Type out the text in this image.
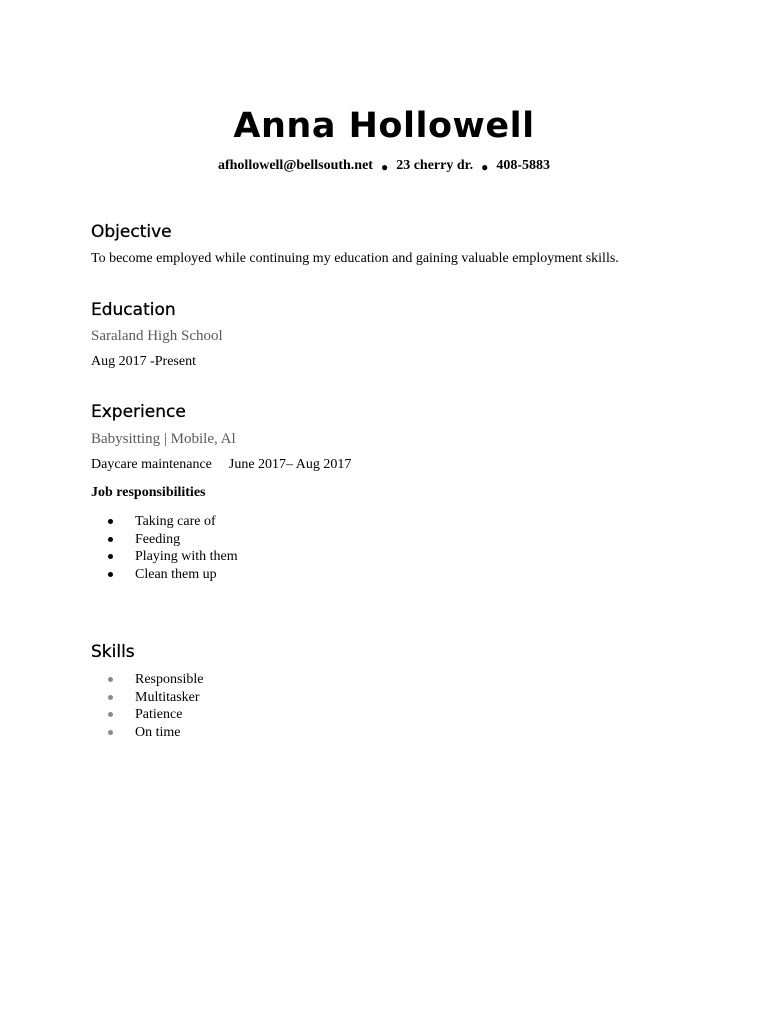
Anna Hollowell
afhollowell@bellsouth.net ● 23 cherry dr. ● 408-5883
Objective
To become employed while continuing my education and gaining valuable employment skills.
Education
Saraland High School
Aug 2017 -Present
Experience
Babysitting | Mobile, Al
Daycare maintenance June 2017– Aug 2017
Job responsibilities
Taking care of
Feeding
Playing with them
Clean them up
Skills
Responsible
Multitasker
Patience
On time
